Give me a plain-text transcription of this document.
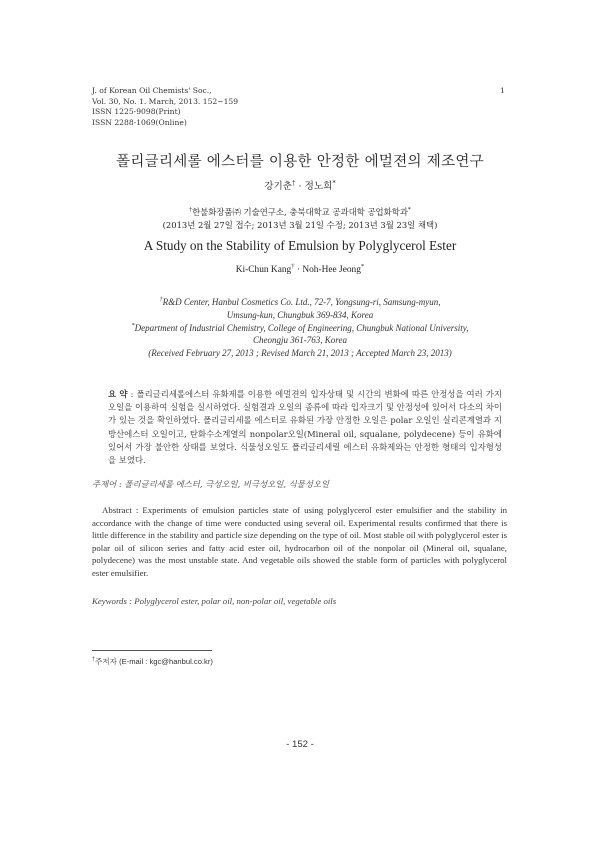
J. of Korean Oil Chemists' Soc.,
Vol. 30, No. 1. March, 2013. 152~159
ISSN 1225-9098(Print)
ISSN 2288-1069(Online)
1
폴리글리세롤 에스터를 이용한 안정한 에멀젼의 제조연구
강기춘† · 정노희*
†한불화장품㈜ 기술연구소, 충북대학교 공과대학 공업화학과*
(2013년 2월 27일 접수; 2013년 3월 21일 수정; 2013년 3월 23일 채택)
A Study on the Stability of Emulsion by Polyglycerol Ester
Ki-Chun Kang† · Noh-Hee Jeong*
†R&D Center, Hanbul Cosmetics Co. Ltd., 72-7, Yongsung-ri, Samsung-myun,
Umsung-kun, Chungbuk 369-834, Korea
*Department of Industrial Chemistry, College of Engineering, Chungbuk National University,
Cheongju 361-763, Korea
(Received February 27, 2013 ; Revised March 21, 2013 ; Accepted March 23, 2013)
요 약 : 폴리글리세롤에스터 유화제를 이용한 에멀젼의 입자상태 및 시간의 변화에 따른 안정성을 여러 가지 오일을 이용하여 실험을 실시하였다. 실험결과 오일의 종류에 따라 입자크기 및 안정성에 있어서 다소의 차이가 있는 것을 확인하였다. 폴리글리세롤 에스터로 유화된 가장 안정한 오일은 polar 오일인 실리콘계열과 지방산에스터 오일이고, 탄화수소계열의 nonpolar오일(Mineral oil, squalane, polydecene) 등이 유화에 있어서 가장 불안한 상태를 보였다. 식물성오일도 폴리글리세릴 에스터 유화제와는 안정한 형태의 입자형성을 보였다.
주제어 : 폴리글리세롤 에스터, 극성오일, 비극성오일, 식물성오일
Abstract : Experiments of emulsion particles state of using polyglycerol ester emulsifier and the stability in accordance with the change of time were conducted using several oil. Experimental results confirmed that there is little difference in the stability and particle size depending on the type of oil. Most stable oil with polyglycerol ester is polar oil of silicon series and fatty acid ester oil, hydrocarbon oil of the nonpolar oil (Mineral oil, squalane, polydecene) was the most unstable state. And vegetable oils showed the stable form of particles with polyglycerol ester emulsifier.
Keywords : Polyglycerol ester, polar oil, non-polar oil, vegetable oils
†주저자 (E-mail : kgc@hanbul.co.kr)
- 152 -
